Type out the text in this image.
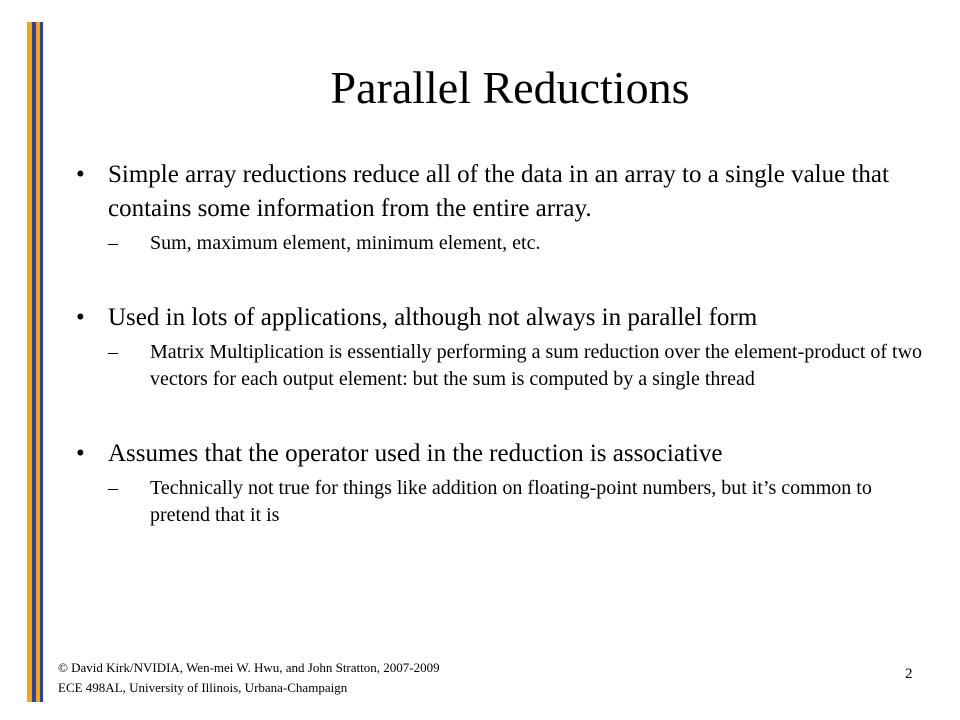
Parallel Reductions
• Simple array reductions reduce all of the data in an array to a single value that contains some information from the entire array.
– Sum, maximum element, minimum element, etc.
• Used in lots of applications, although not always in parallel form
– Matrix Multiplication is essentially performing a sum reduction over the element-product of two vectors for each output element: but the sum is computed by a single thread
• Assumes that the operator used in the reduction is associative
– Technically not true for things like addition on floating-point numbers, but it’s common to pretend that it is
© David Kirk/NVIDIA, Wen-mei W. Hwu, and John Stratton, 2007-2009
ECE 498AL, University of Illinois, Urbana-Champaign
2
